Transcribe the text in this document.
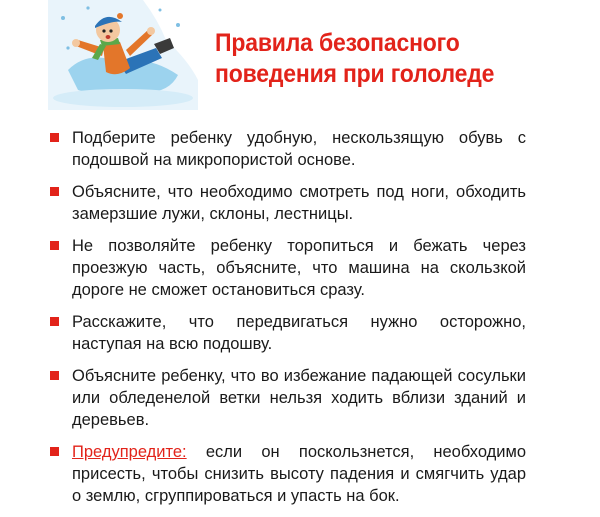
Правила безопасного
поведения при гололеде
Подберите ребенку удобную, нескользящую обувь с подошвой на микропористой основе.
Объясните, что необходимо смотреть под ноги, обходить замерзшие лужи, склоны, лестницы.
Не позволяйте ребенку торопиться и бежать через проезжую часть, объясните, что машина на скользкой дороге не сможет остановиться сразу.
Расскажите, что передвигаться нужно осторожно, наступая на всю подошву.
Объясните ребенку, что во избежание падающей сосульки или обледенелой ветки нельзя ходить вблизи зданий и деревьев.
Предупредите: если он поскользнется, необходимо присесть, чтобы снизить высоту падения и смягчить удар о землю, сгруппироваться и упасть на бок.
